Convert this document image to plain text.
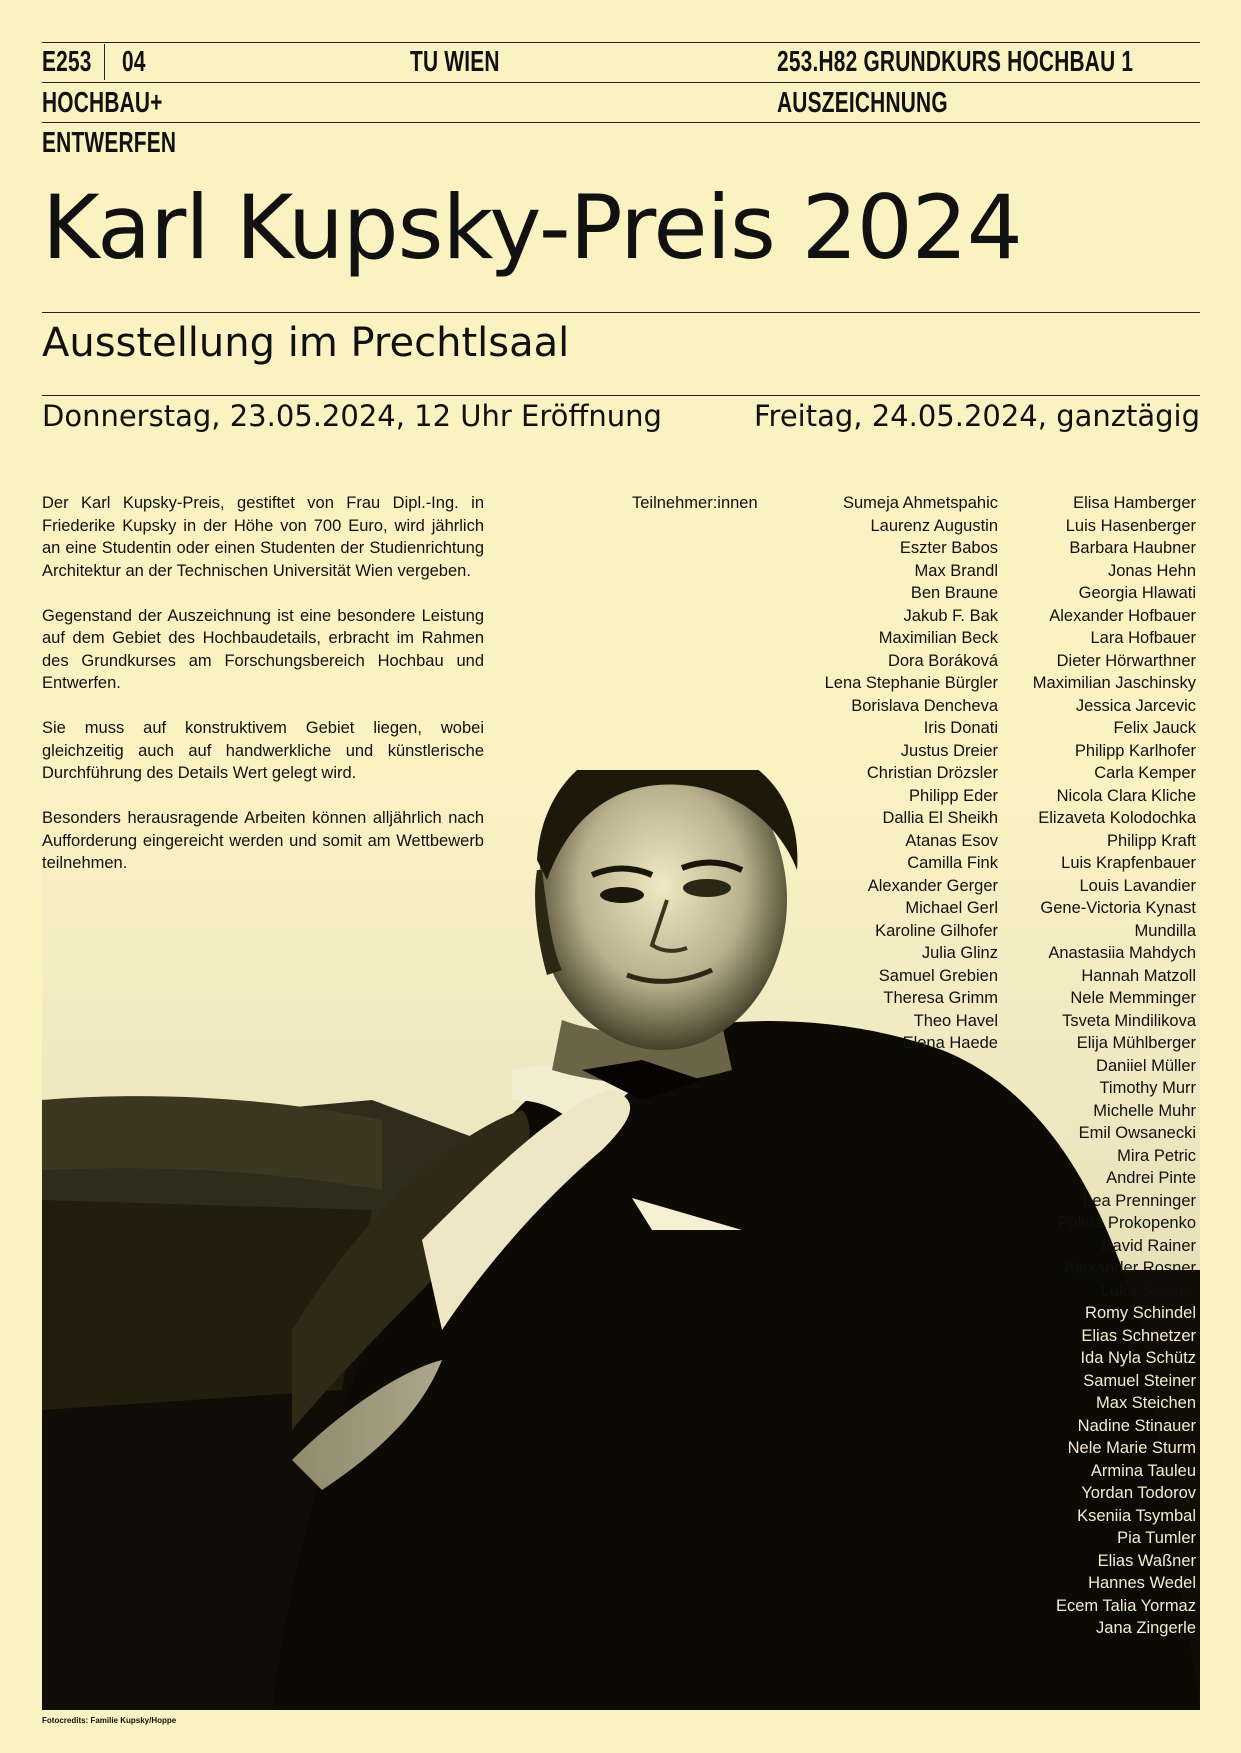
E253 04	TU WIEN	253.H82 GRUNDKURS HOCHBAU 1
HOCHBAU+	AUSZEICHNUNG
ENTWERFEN
Karl Kupsky-Preis 2024
Ausstellung im Prechtlsaal
Donnerstag, 23.05.2024, 12 Uhr Eröffnung	Freitag, 24.05.2024, ganztägig

Der Karl Kupsky-Preis, gestiftet von Frau Dipl.-Ing. in Friederike Kupsky in der Höhe von 700 Euro, wird jährlich an eine Studentin oder einen Studenten der Studienrichtung Architektur an der Technischen Universität Wien vergeben.

Gegenstand der Auszeichnung ist eine besondere Leistung auf dem Gebiet des Hochbaudetails, erbracht im Rahmen des Grundkurses am Forschungsbereich Hochbau und Entwerfen.

Sie muss auf konstruktivem Gebiet liegen, wobei gleichzeitig auch auf handwerkliche und künstlerische Durchführung des Details Wert gelegt wird.

Besonders herausragende Arbeiten können alljährlich nach Aufforderung eingereicht werden und somit am Wettbewerb teilnehmen.

Teilnehmer:innen	Sumeja Ahmetspahic
Laurenz Augustin
Eszter Babos
Max Brandl
Ben Braune
Jakub F. Bak
Maximilian Beck
Dora Boráková
Lena Stephanie Bürgler
Borislava Dencheva
Iris Donati
Justus Dreier
Christian Drözsler
Philipp Eder
Dallia El Sheikh
Atanas Esov
Camilla Fink
Alexander Gerger
Michael Gerl
Karoline Gilhofer
Julia Glinz
Samuel Grebien
Theresa Grimm
Theo Havel
Elena Haede
Elisa Hamberger
Luis Hasenberger
Barbara Haubner
Jonas Hehn
Georgia Hlawati
Alexander Hofbauer
Lara Hofbauer
Dieter Hörwarthner
Maximilian Jaschinsky
Jessica Jarcevic
Felix Jauck
Philipp Karlhofer
Carla Kemper
Nicola Clara Kliche
Elizaveta Kolodochka
Philipp Kraft
Luis Krapfenbauer
Louis Lavandier
Gene-Victoria Kynast
Mundilla
Anastasiia Mahdych
Hannah Matzoll
Nele Memminger
Tsveta Mindilikova
Elija Mühlberger
Daniiel Müller
Timothy Murr
Michelle Muhr
Emil Owsanecki
Mira Petric
Andrei Pinte
Lea Prenninger
Polina Prokopenko
David Rainer
Alexander Rosner
Luka Savoric
Romy Schindel
Elias Schnetzer
Ida Nyla Schütz
Samuel Steiner
Max Steichen
Nadine Stinauer
Nele Marie Sturm
Armina Tauleu
Yordan Todorov
Kseniia Tsymbal
Pia Tumler
Elias Waßner
Hannes Wedel
Ecem Talia Yormaz
Jana Zingerle
Fotocredits: Familie Kupsky/Hoppe
